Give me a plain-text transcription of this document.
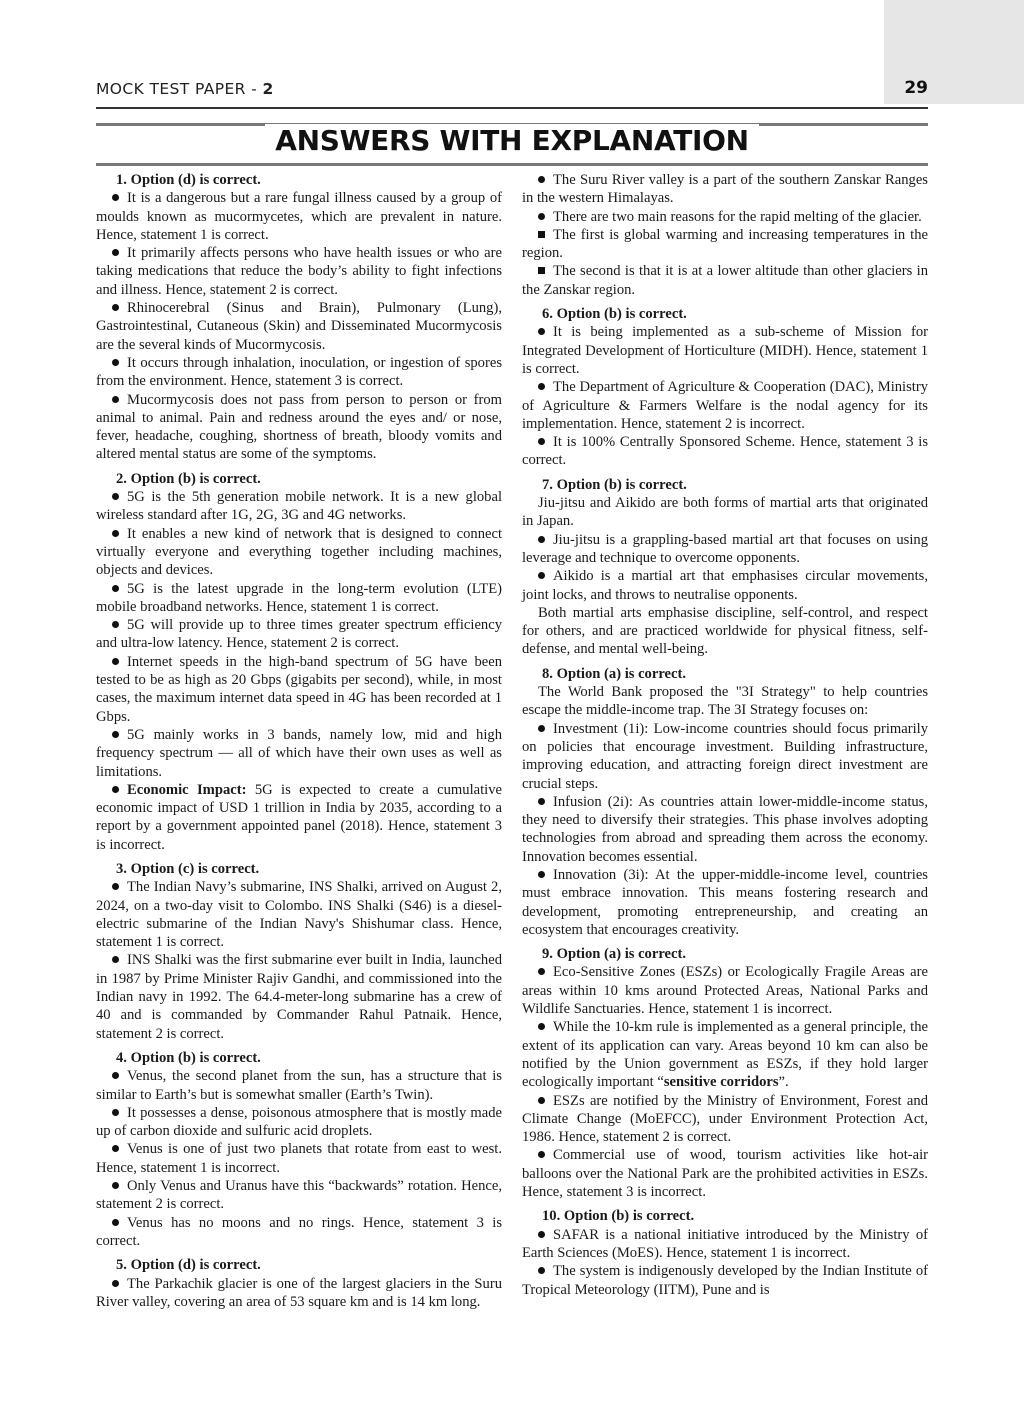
MOCK TEST PAPER - 2	29
ANSWERS WITH EXPLANATION

1. Option (d) is correct.

It is a dangerous but a rare fungal illness caused by a group of moulds known as mucormycetes, which are prevalent in nature. Hence, statement 1 is correct.

It primarily affects persons who have health issues or who are taking medications that reduce the body’s ability to fight infections and illness. Hence, statement 2 is correct.

Rhinocerebral (Sinus and Brain), Pulmonary (Lung), Gastrointestinal, Cutaneous (Skin) and Disseminated Mucormycosis are the several kinds of Mucormycosis.

It occurs through inhalation, inoculation, or ingestion of spores from the environment. Hence, statement 3 is correct.

Mucormycosis does not pass from person to person or from animal to animal. Pain and redness around the eyes and/ or nose, fever, headache, coughing, shortness of breath, bloody vomits and altered mental status are some of the symptoms.

2. Option (b) is correct.

5G is the 5th generation mobile network. It is a new global wireless standard after 1G, 2G, 3G and 4G networks.

It enables a new kind of network that is designed to connect virtually everyone and everything together including machines, objects and devices.

5G is the latest upgrade in the long-term evolution (LTE) mobile broadband networks. Hence, statement 1 is correct.

5G will provide up to three times greater spectrum efficiency and ultra-low latency. Hence, statement 2 is correct.

Internet speeds in the high-band spectrum of 5G have been tested to be as high as 20 Gbps (gigabits per second), while, in most cases, the maximum internet data speed in 4G has been recorded at 1 Gbps.

5G mainly works in 3 bands, namely low, mid and high frequency spectrum — all of which have their own uses as well as limitations.

Economic Impact: 5G is expected to create a cumulative economic impact of USD 1 trillion in India by 2035, according to a report by a government appointed panel (2018). Hence, statement 3 is incorrect.

3. Option (c) is correct.

The Indian Navy’s submarine, INS Shalki, arrived on August 2, 2024, on a two-day visit to Colombo. INS Shalki (S46) is a diesel-electric submarine of the Indian Navy's Shishumar class. Hence, statement 1 is correct.

INS Shalki was the first submarine ever built in India, launched in 1987 by Prime Minister Rajiv Gandhi, and commissioned into the Indian navy in 1992. The 64.4-meter-long submarine has a crew of 40 and is commanded by Commander Rahul Patnaik. Hence, statement 2 is correct.

4. Option (b) is correct.

Venus, the second planet from the sun, has a structure that is similar to Earth’s but is somewhat smaller (Earth’s Twin).

It possesses a dense, poisonous atmosphere that is mostly made up of carbon dioxide and sulfuric acid droplets.

Venus is one of just two planets that rotate from east to west. Hence, statement 1 is incorrect.

Only Venus and Uranus have this “backwards” rotation. Hence, statement 2 is correct.

Venus has no moons and no rings. Hence, statement 3 is correct.

5. Option (d) is correct.

The Parkachik glacier is one of the largest glaciers in the Suru River valley, covering an area of 53 square km and is 14 km long.

The Suru River valley is a part of the southern Zanskar Ranges in the western Himalayas.

There are two main reasons for the rapid melting of the glacier.

The first is global warming and increasing temperatures in the region.

The second is that it is at a lower altitude than other glaciers in the Zanskar region.

6. Option (b) is correct.

It is being implemented as a sub-scheme of Mission for Integrated Development of Horticulture (MIDH). Hence, statement 1 is correct.

The Department of Agriculture & Cooperation (DAC), Ministry of Agriculture & Farmers Welfare is the nodal agency for its implementation. Hence, statement 2 is incorrect.

It is 100% Centrally Sponsored Scheme. Hence, statement 3 is correct.

7. Option (b) is correct.

Jiu-jitsu and Aikido are both forms of martial arts that originated in Japan.

Jiu-jitsu is a grappling-based martial art that focuses on using leverage and technique to overcome opponents.

Aikido is a martial art that emphasises circular movements, joint locks, and throws to neutralise opponents.

Both martial arts emphasise discipline, self-control, and respect for others, and are practiced worldwide for physical fitness, self-defense, and mental well-being.

8. Option (a) is correct.

The World Bank proposed the "3I Strategy" to help countries escape the middle-income trap. The 3I Strategy focuses on:

Investment (1i): Low-income countries should focus primarily on policies that encourage investment. Building infrastructure, improving education, and attracting foreign direct investment are crucial steps.

Infusion (2i): As countries attain lower-middle-income status, they need to diversify their strategies. This phase involves adopting technologies from abroad and spreading them across the economy. Innovation becomes essential.

Innovation (3i): At the upper-middle-income level, countries must embrace innovation. This means fostering research and development, promoting entrepreneurship, and creating an ecosystem that encourages creativity.

9. Option (a) is correct.

Eco-Sensitive Zones (ESZs) or Ecologically Fragile Areas are areas within 10 kms around Protected Areas, National Parks and Wildlife Sanctuaries. Hence, statement 1 is incorrect.

While the 10-km rule is implemented as a general principle, the extent of its application can vary. Areas beyond 10 km can also be notified by the Union government as ESZs, if they hold larger ecologically important “sensitive corridors”.

ESZs are notified by the Ministry of Environment, Forest and Climate Change (MoEFCC), under Environment Protection Act, 1986. Hence, statement 2 is correct.

Commercial use of wood, tourism activities like hot-air balloons over the National Park are the prohibited activities in ESZs. Hence, statement 3 is incorrect.

10. Option (b) is correct.

SAFAR is a national initiative introduced by the Ministry of Earth Sciences (MoES). Hence, statement 1 is incorrect.

The system is indigenously developed by the Indian Institute of Tropical Meteorology (IITM), Pune and is
